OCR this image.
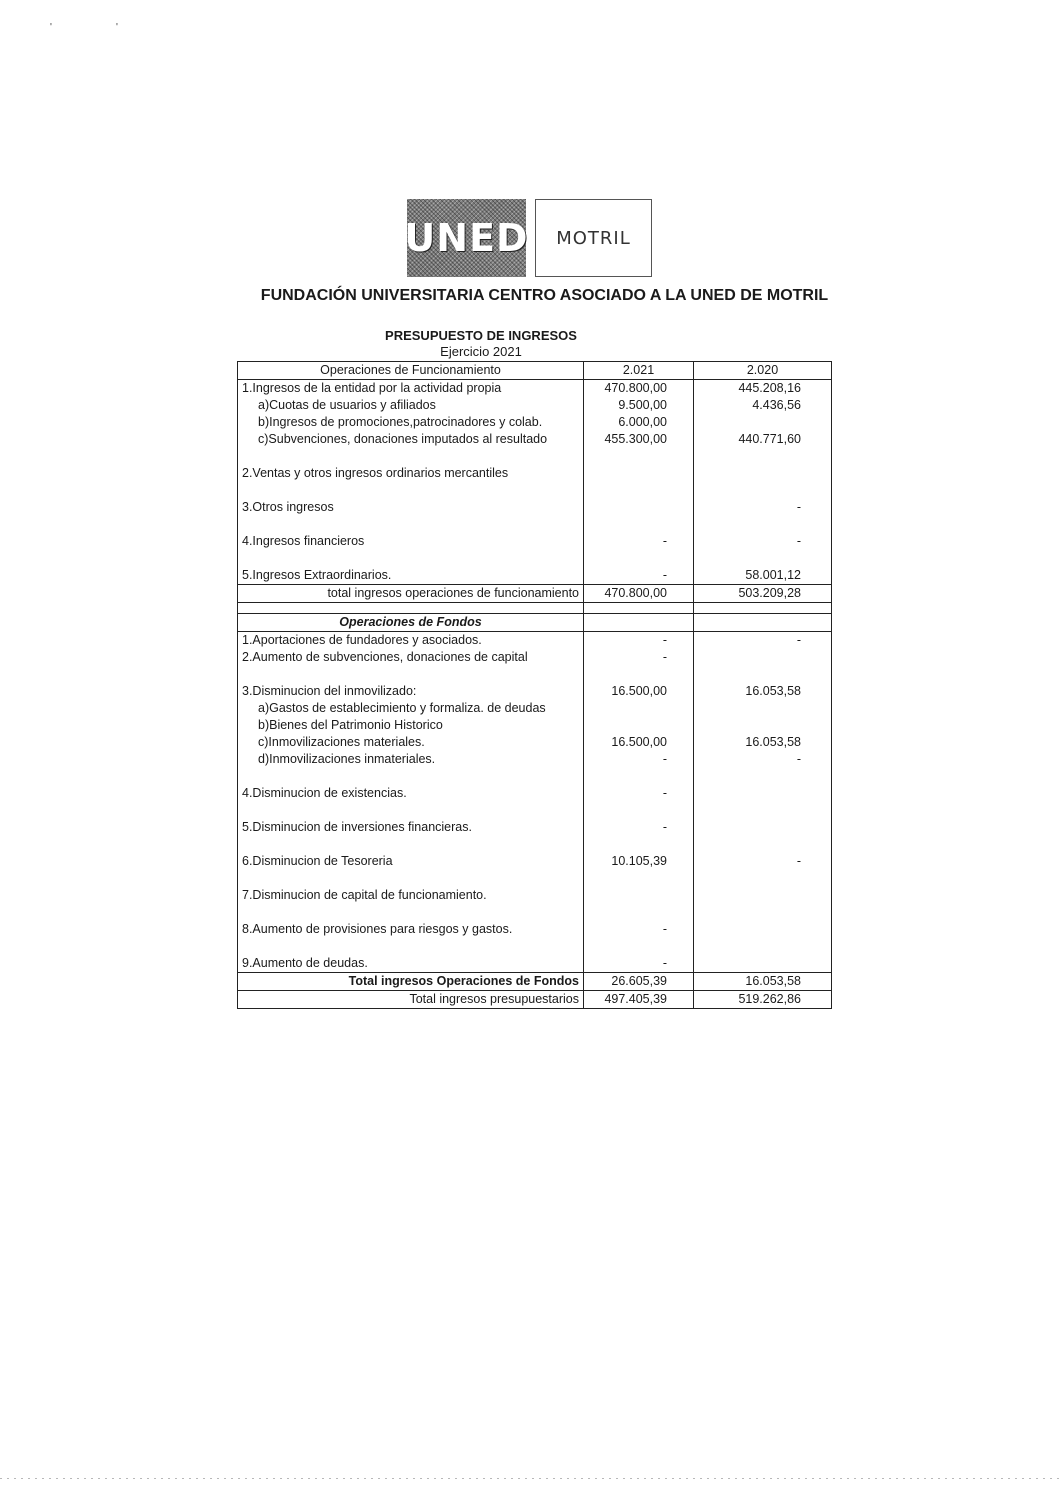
'	'
UNED	MOTRIL
FUNDACIÓN UNIVERSITARIA CENTRO ASOCIADO A LA UNED DE MOTRIL
PRESUPUESTO DE INGRESOS
Ejercicio 2021
Operaciones de Funcionamiento	2.021	2.020
1.Ingresos de la entidad por la actividad propia	470.800,00	445.208,16
a)Cuotas de usuarios y afiliados	9.500,00	4.436,56
b)Ingresos de promociones,patrocinadores y colab.	6.000,00	
c)Subvenciones, donaciones imputados al resultado	455.300,00	440.771,60

2.Ventas y otros ingresos ordinarios mercantiles		

3.Otros ingresos		-

4.Ingresos financieros	-	-

5.Ingresos Extraordinarios.	-	58.001,12
total ingresos operaciones de funcionamiento	470.800,00	503.209,28

Operaciones de Fondos		
1.Aportaciones de fundadores y asociados.	-	-
2.Aumento de subvenciones, donaciones de capital	-	

3.Disminucion del inmovilizado:	16.500,00	16.053,58
a)Gastos de establecimiento y formaliza. de deudas		
b)Bienes del Patrimonio Historico		
c)Inmovilizaciones materiales.	16.500,00	16.053,58
d)Inmovilizaciones inmateriales.	-	-

4.Disminucion de existencias.	-	

5.Disminucion de inversiones financieras.	-	

6.Disminucion de Tesoreria	10.105,39	-

7.Disminucion de capital de funcionamiento.		

8.Aumento de provisiones para riesgos y gastos.	-	

9.Aumento de deudas.	-	
Total ingresos Operaciones de Fondos	26.605,39	16.053,58
Total ingresos presupuestarios	497.405,39	519.262,86
